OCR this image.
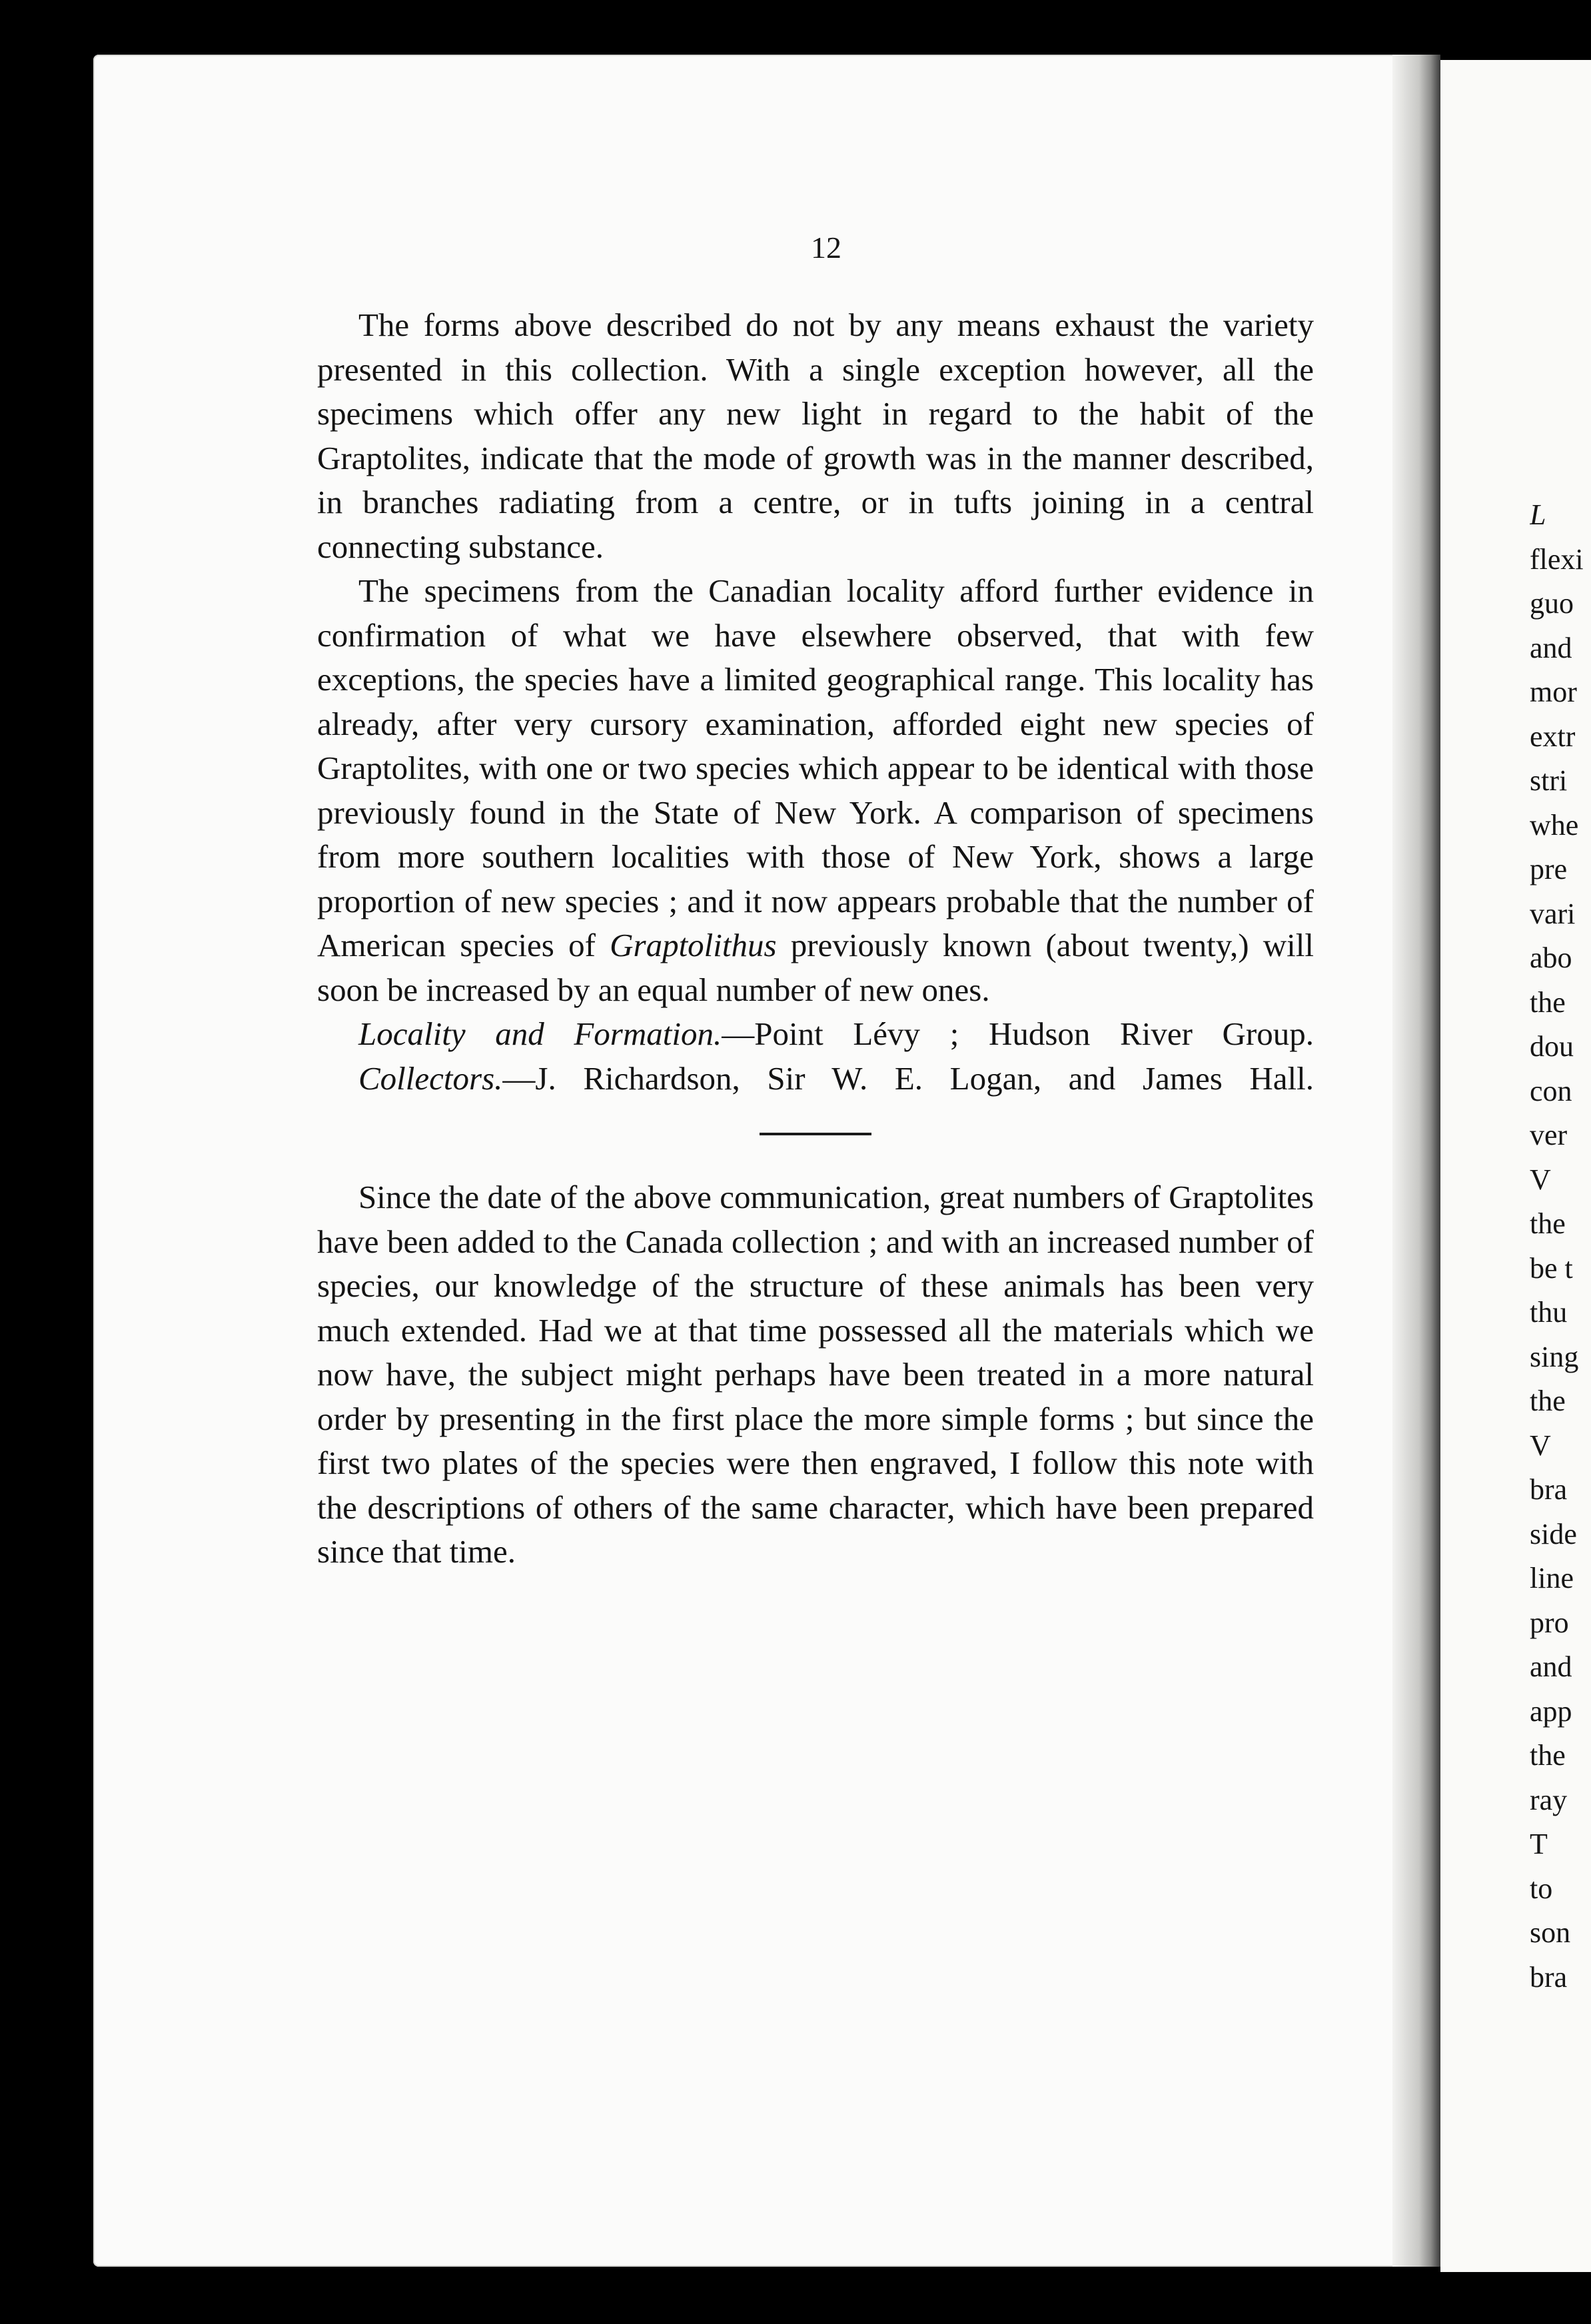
12

The forms above described do not by any means exhaust the variety presented in this collection. With a single exception however, all the specimens which offer any new light in regard to the habit of the Graptolites, indicate that the mode of growth was in the manner described, in branches radiating from a centre, or in tufts joining in a central connecting substance.

The specimens from the Canadian locality afford further evidence in confirmation of what we have elsewhere observed, that with few exceptions, the species have a limited geographical range. This locality has already, after very cursory examination, afforded eight new species of Graptolites, with one or two species which appear to be identical with those previously found in the State of New York. A comparison of specimens from more southern localities with those of New York, shows a large proportion of new species ; and it now appears probable that the number of American species of Graptolithus previously known (about twenty,) will soon be increased by an equal number of new ones.

Locality and Formation.—Point Lévy ; Hudson River Group.

Collectors.—J. Richardson, Sir W. E. Logan, and James Hall.

Since the date of the above communication, great numbers of Graptolites have been added to the Canada collection ; and with an increased number of species, our knowledge of the structure of these animals has been very much extended. Had we at that time possessed all the materials which we now have, the subject might perhaps have been treated in a more natural order by presenting in the first place the more simple forms ; but since the first two plates of the species were then engraved, I follow this note with the descriptions of others of the same character, which have been prepared since that time.

L
flexi
guo
and
mor
extr
stri
whe
pre
vari
abo
the
dou
con
ver
V
the
be t
thu
sing
the
V
bra
side
line
pro
and
app
the
ray
T
to
son
bra
